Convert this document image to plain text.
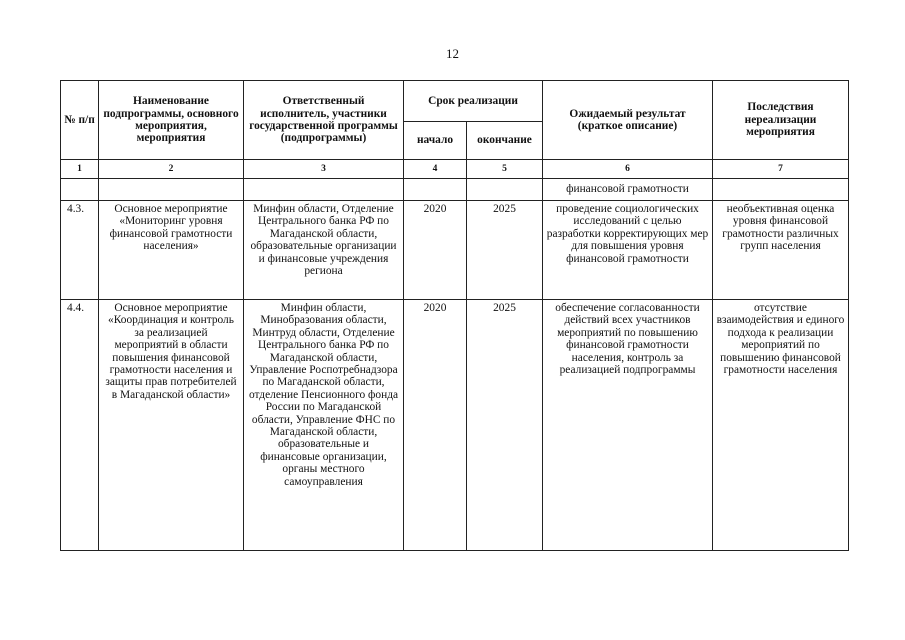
12
№ п/п	Наименование подпрограммы, основного мероприятия, мероприятия	Ответственный исполнитель, участники государственной программы (подпрограммы)	Срок реализации		Ожидаемый результат (краткое описание)	Последствия нереализации мероприятия
			начало	окончание		
1	2	3	4	5	6	7
					финансовой грамотности	
4.3.	Основное мероприятие «Мониторинг уровня финансовой грамотности населения»	Минфин области, Отделение Центрального банка РФ по Магаданской области, образовательные организации и финансовые учреждения региона	2020	2025	проведение социологических исследований с целью разработки корректирующих мер для повышения уровня финансовой грамотности	необъективная оценка уровня финансовой грамотности различных групп населения
4.4.	Основное мероприятие «Координация и контроль за реализацией мероприятий в области повышения финансовой грамотности населения и защиты прав потребителей в Магаданской области»	Минфин области, Минобразования области, Минтруд области, Отделение Центрального банка РФ по Магаданской области, Управление Роспотребнадзора по Магаданской области, отделение Пенсионного фонда России по Магаданской области, Управление ФНС по Магаданской области, образовательные и финансовые организации, органы местного самоуправления	2020	2025	обеспечение согласованности действий всех участников мероприятий по повышению финансовой грамотности населения, контроль за реализацией подпрограммы	отсутствие взаимодействия и единого подхода к реализации мероприятий по повышению финансовой грамотности населения
